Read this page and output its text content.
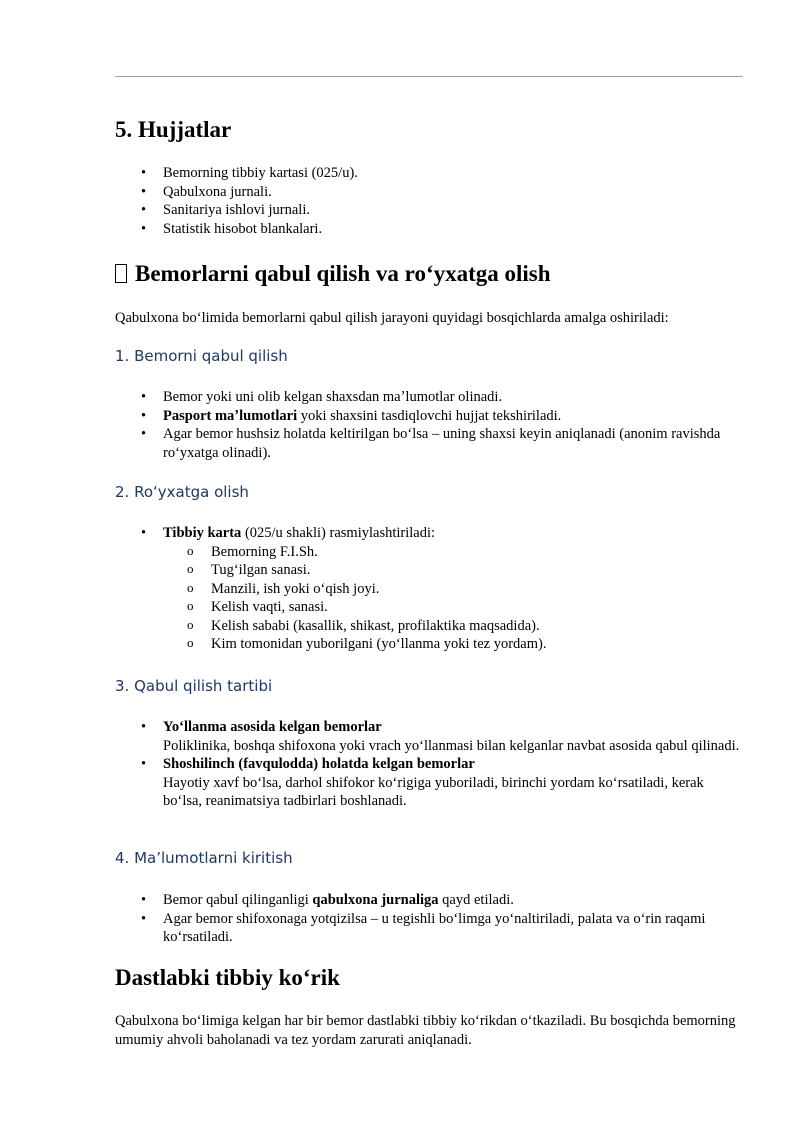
5. Hujjatlar
• Bemorning tibbiy kartasi (025/u).
• Qabulxona jurnali.
• Sanitariya ishlovi jurnali.
• Statistik hisobot blankalari.
Bemorlarni qabul qilish va roʻyxatga olish

Qabulxona boʻlimida bemorlarni qabul qilish jarayoni quyidagi bosqichlarda amalga oshiriladi:

1. Bemorni qabul qilish
• Bemor yoki uni olib kelgan shaxsdan maʼlumotlar olinadi.
• Pasport maʼlumotlari yoki shaxsini tasdiqlovchi hujjat tekshiriladi.
• Agar bemor hushsiz holatda keltirilgan boʻlsa – uning shaxsi keyin aniqlanadi (anonim ravishda roʻyxatga olinadi).
2. Roʻyxatga olish
• Tibbiy karta (025/u shakli) rasmiylashtiriladi:
o Bemorning F.I.Sh.
o Tugʻilgan sanasi.
o Manzili, ish yoki oʻqish joyi.
o Kelish vaqti, sanasi.
o Kelish sababi (kasallik, shikast, profilaktika maqsadida).
o Kim tomonidan yuborilgani (yoʻllanma yoki tez yordam).
3. Qabul qilish tartibi
• Yoʻllanma asosida kelgan bemorlar
Poliklinika, boshqa shifoxona yoki vrach yoʻllanmasi bilan kelganlar navbat asosida qabul qilinadi.
• Shoshilinch (favqulodda) holatda kelgan bemorlar
Hayotiy xavf boʻlsa, darhol shifokor koʻrigiga yuboriladi, birinchi yordam koʻrsatiladi, kerak boʻlsa, reanimatsiya tadbirlari boshlanadi.
4. Maʼlumotlarni kiritish
• Bemor qabul qilinganligi qabulxona jurnaliga qayd etiladi.
• Agar bemor shifoxonaga yotqizilsa – u tegishli boʻlimga yoʻnaltiriladi, palata va oʻrin raqami koʻrsatiladi.
Dastlabki tibbiy koʻrik

Qabulxona boʻlimiga kelgan har bir bemor dastlabki tibbiy koʻrikdan oʻtkaziladi. Bu bosqichda bemorning umumiy ahvoli baholanadi va tez yordam zarurati aniqlanadi.
